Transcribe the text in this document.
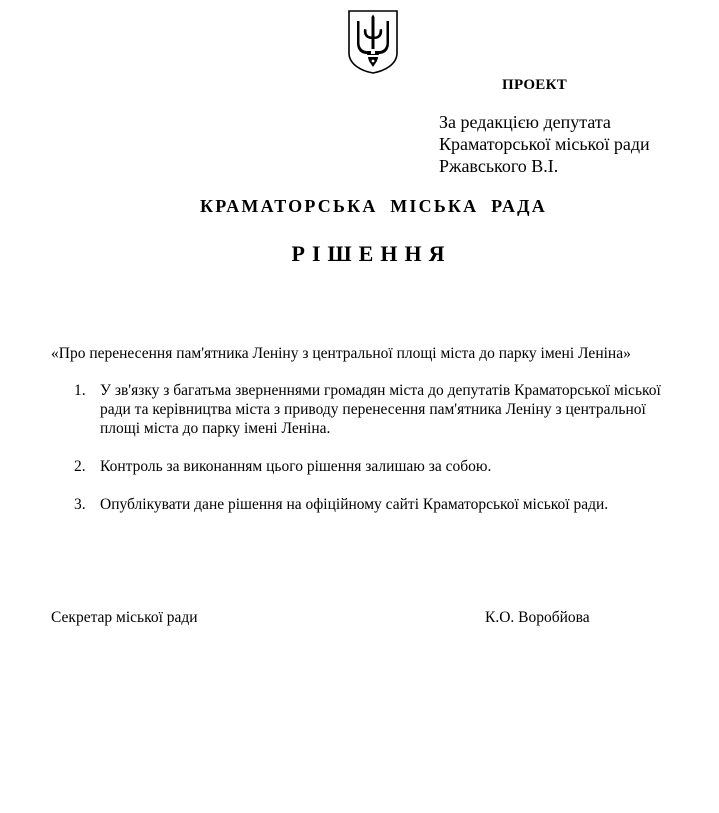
ПРОЕКТ
За редакцією депутата
Краматорської міської ради
Ржавського В.І.
КРАМАТОРСЬКА МІСЬКА РАДА
РІШЕННЯ
«Про перенесення пам'ятника Леніну з центральної площі міста до парку імені Леніна»
1. У зв'язку з багатьма зверненнями громадян міста до депутатів Краматорської міської
ради та керівництва міста з приводу перенесення пам'ятника Леніну з центральної
площі міста до парку імені Леніна.
2. Контроль за виконанням цього рішення залишаю за собою.
3. Опублікувати дане рішення на офіційному сайті Краматорської міської ради.
Секретар міської ради	К.О. Воробйова
